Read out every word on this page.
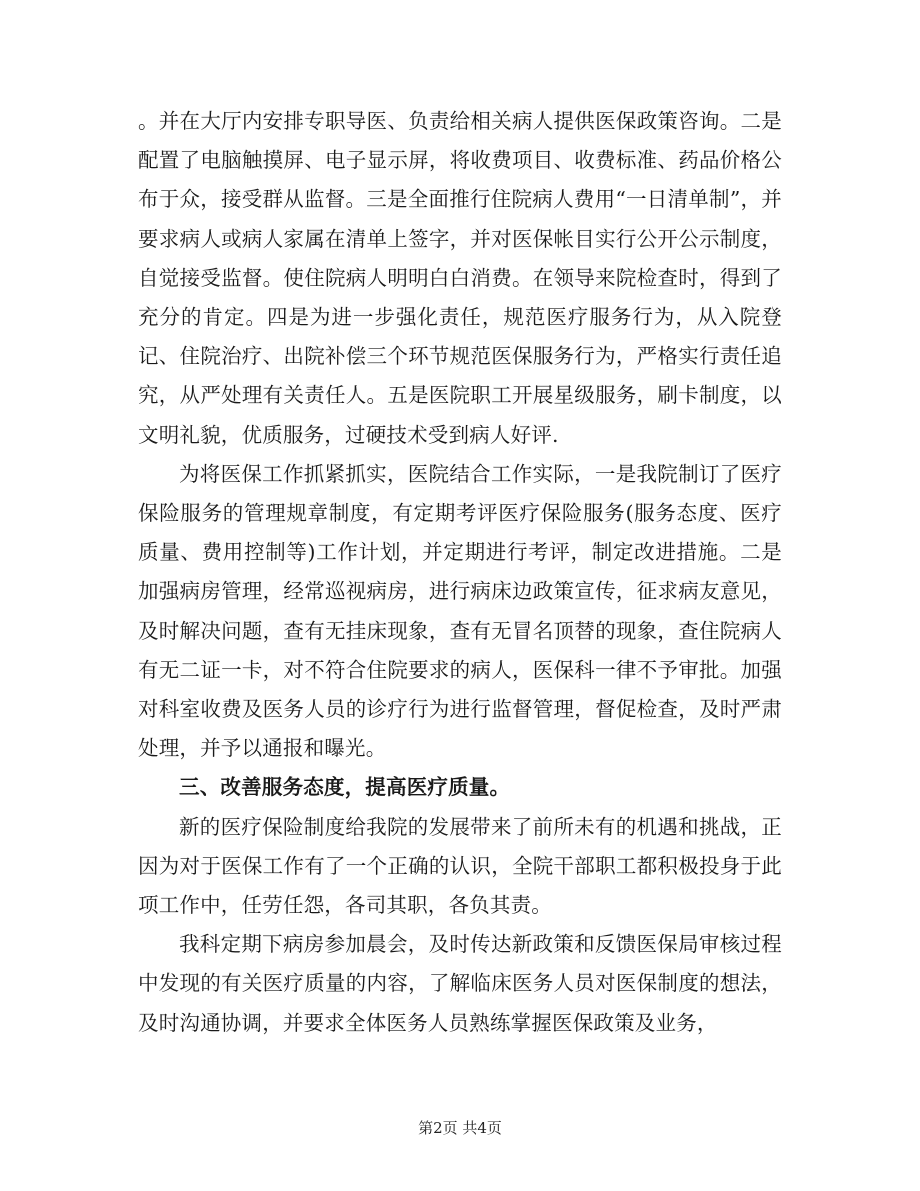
。并在大厅内安排专职导医、负责给相关病人提供医保政策咨询。二是配置了电脑触摸屏、电子显示屏，将收费项目、收费标准、药品价格公布于众，接受群从监督。三是全面推行住院病人费用“一日清单制”，并要求病人或病人家属在清单上签字，并对医保帐目实行公开公示制度，自觉接受监督。使住院病人明明白白消费。在领导来院检查时，得到了充分的肯定。四是为进一步强化责任，规范医疗服务行为，从入院登记、住院治疗、出院补偿三个环节规范医保服务行为，严格实行责任追究，从严处理有关责任人。五是医院职工开展星级服务，刷卡制度，以文明礼貌，优质服务，过硬技术受到病人好评.

为将医保工作抓紧抓实，医院结合工作实际，一是我院制订了医疗保险服务的管理规章制度，有定期考评医疗保险服务(服务态度、医疗质量、费用控制等)工作计划，并定期进行考评，制定改进措施。二是加强病房管理，经常巡视病房，进行病床边政策宣传，征求病友意见，及时解决问题，查有无挂床现象，查有无冒名顶替的现象，查住院病人有无二证一卡，对不符合住院要求的病人，医保科一律不予审批。加强对科室收费及医务人员的诊疗行为进行监督管理，督促检查，及时严肃处理，并予以通报和曝光。

三、改善服务态度，提高医疗质量。

新的医疗保险制度给我院的发展带来了前所未有的机遇和挑战，正因为对于医保工作有了一个正确的认识，全院干部职工都积极投身于此项工作中，任劳任怨，各司其职，各负其责。

我科定期下病房参加晨会，及时传达新政策和反馈医保局审核过程中发现的有关医疗质量的内容，了解临床医务人员对医保制度的想法，及时沟通协调，并要求全体医务人员熟练掌握医保政策及业务，

第2页 共4页
